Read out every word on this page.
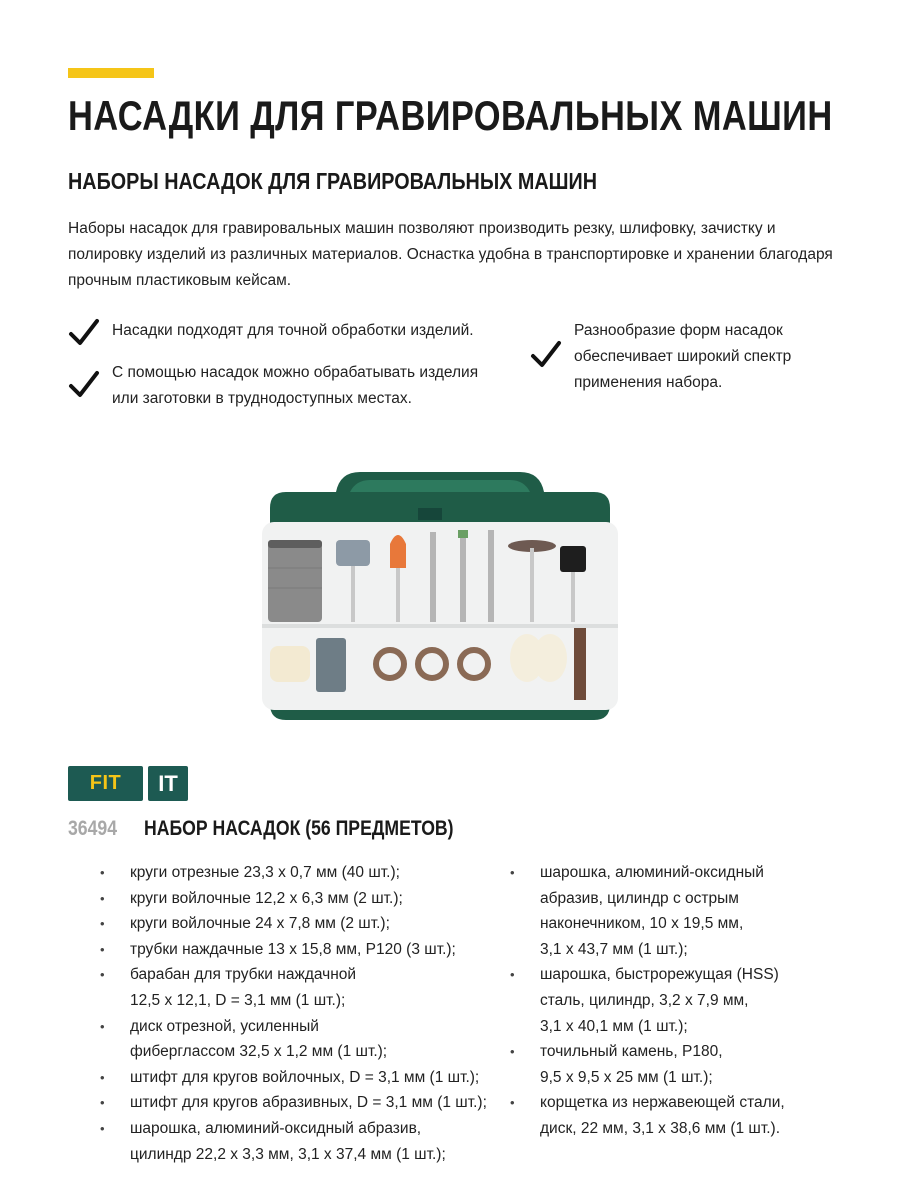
НАСАДКИ ДЛЯ ГРАВИРОВАЛЬНЫХ МАШИН
НАБОРЫ НАСАДОК ДЛЯ ГРАВИРОВАЛЬНЫХ МАШИН

Наборы насадок для гравировальных машин позволяют производить резку, шлифовку, зачистку и
полировку изделий из различных материалов. Оснастка удобна в транспортировке и хранении благодаря
прочным пластиковым кейсам.

Насадки подходят для точной обработки изделий.
С помощью насадок можно обрабатывать изделия
или заготовки в труднодоступных местах.
Разнообразие форм насадок
обеспечивает широкий спектр
применения набора.
FIT IT
36494 НАБОР НАСАДОК (56 ПРЕДМЕТОВ)
• круги отрезные 23,3 х 0,7 мм (40 шт.);
• круги войлочные 12,2 х 6,3 мм (2 шт.);
• круги войлочные 24 х 7,8 мм (2 шт.);
• трубки наждачные 13 х 15,8 мм, Р120 (3 шт.);
• барабан для трубки наждачной
12,5 х 12,1, D = 3,1 мм (1 шт.);
• диск отрезной, усиленный
фибергласcом 32,5 х 1,2 мм (1 шт.);
• штифт для кругов войлочных, D = 3,1 мм (1 шт.);
• штифт для кругов абразивных, D = 3,1 мм (1 шт.);
• шарошка, алюминий-оксидный абразив,
цилиндр 22,2 х 3,3 мм, 3,1 х 37,4 мм (1 шт.);
• шарошка, алюминий-оксидный
абразив, цилиндр с острым
наконечником, 10 х 19,5 мм,
3,1 х 43,7 мм (1 шт.);
• шарошка, быстрорежущая (HSS)
сталь, цилиндр, 3,2 х 7,9 мм,
3,1 х 40,1 мм (1 шт.);
• точильный камень, Р180,
9,5 х 9,5 х 25 мм (1 шт.);
• корщетка из нержавеющей стали,
диск, 22 мм, 3,1 х 38,6 мм (1 шт.).
